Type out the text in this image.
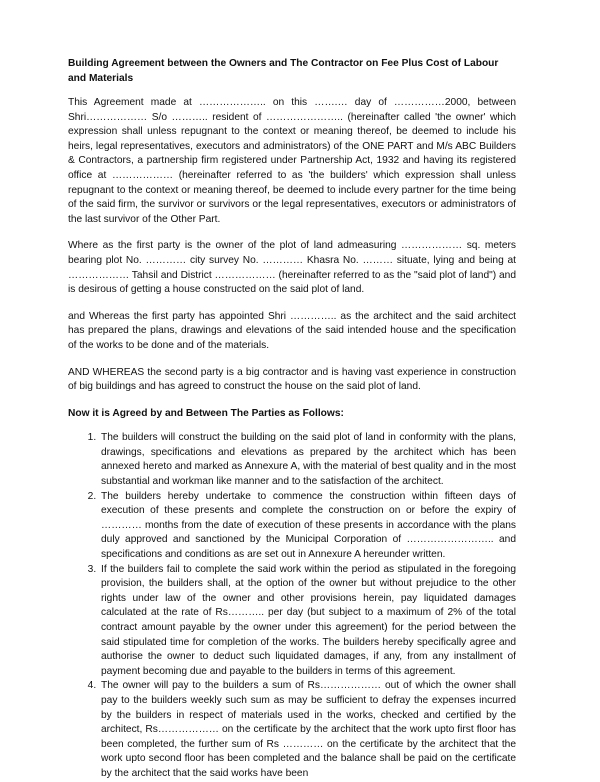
Building Agreement between the Owners and The Contractor on Fee Plus Cost of Labour and Materials

This Agreement made at ……………….. on this …….… day of ……………2000, between Shri……………… S/o ……….. resident of ………………….. (hereinafter called 'the owner' which expression shall unless repugnant to the context or meaning thereof, be deemed to include his heirs, legal representatives, executors and administrators) of the ONE PART and M/s ABC Builders & Contractors, a partnership firm registered under Partnership Act, 1932 and having its registered office at ……………… (hereinafter referred to as 'the builders' which expression shall unless repugnant to the context or meaning thereof, be deemed to include every partner for the time being of the said firm, the survivor or survivors or the legal representatives, executors or administrators of the last survivor of the Other Part.

Where as the first party is the owner of the plot of land admeasuring ……………… sq. meters bearing plot No. ………… city survey No. ………… Khasra No. ……… situate, lying and being at ……………… Tahsil and District ……………… (hereinafter referred to as the "said plot of land") and is desirous of getting a house constructed on the said plot of land.

and Whereas the first party has appointed Shri ………….. as the architect and the said architect has prepared the plans, drawings and elevations of the said intended house and the specification of the works to be done and of the materials.

AND WHEREAS the second party is a big contractor and is having vast experience in construction of big buildings and has agreed to construct the house on the said plot of land.

Now it is Agreed by and Between The Parties as Follows:
1. The builders will construct the building on the said plot of land in conformity with the plans, drawings, specifications and elevations as prepared by the architect which has been annexed hereto and marked as Annexure A, with the material of best quality and in the most substantial and workman like manner and to the satisfaction of the architect.
2. The builders hereby undertake to commence the construction within fifteen days of execution of these presents and complete the construction on or before the expiry of ………… months from the date of execution of these presents in accordance with the plans duly approved and sanctioned by the Municipal Corporation of …………………….. and specifications and conditions as are set out in Annexure A hereunder written.
3. If the builders fail to complete the said work within the period as stipulated in the foregoing provision, the builders shall, at the option of the owner but without prejudice to the other rights under law of the owner and other provisions herein, pay liquidated damages calculated at the rate of Rs……….. per day (but subject to a maximum of 2% of the total contract amount payable by the owner under this agreement) for the period between the said stipulated time for completion of the works. The builders hereby specifically agree and authorise the owner to deduct such liquidated damages, if any, from any installment of payment becoming due and payable to the builders in terms of this agreement.
4. The owner will pay to the builders a sum of Rs……………… out of which the owner shall pay to the builders weekly such sum as may be sufficient to defray the expenses incurred by the builders in respect of materials used in the works, checked and certified by the architect, Rs……………… on the certificate by the architect that the work upto first floor has been completed, the further sum of Rs ………… on the certificate by the architect that the work upto second floor has been completed and the balance shall be paid on the certificate by the architect that the said works have been
